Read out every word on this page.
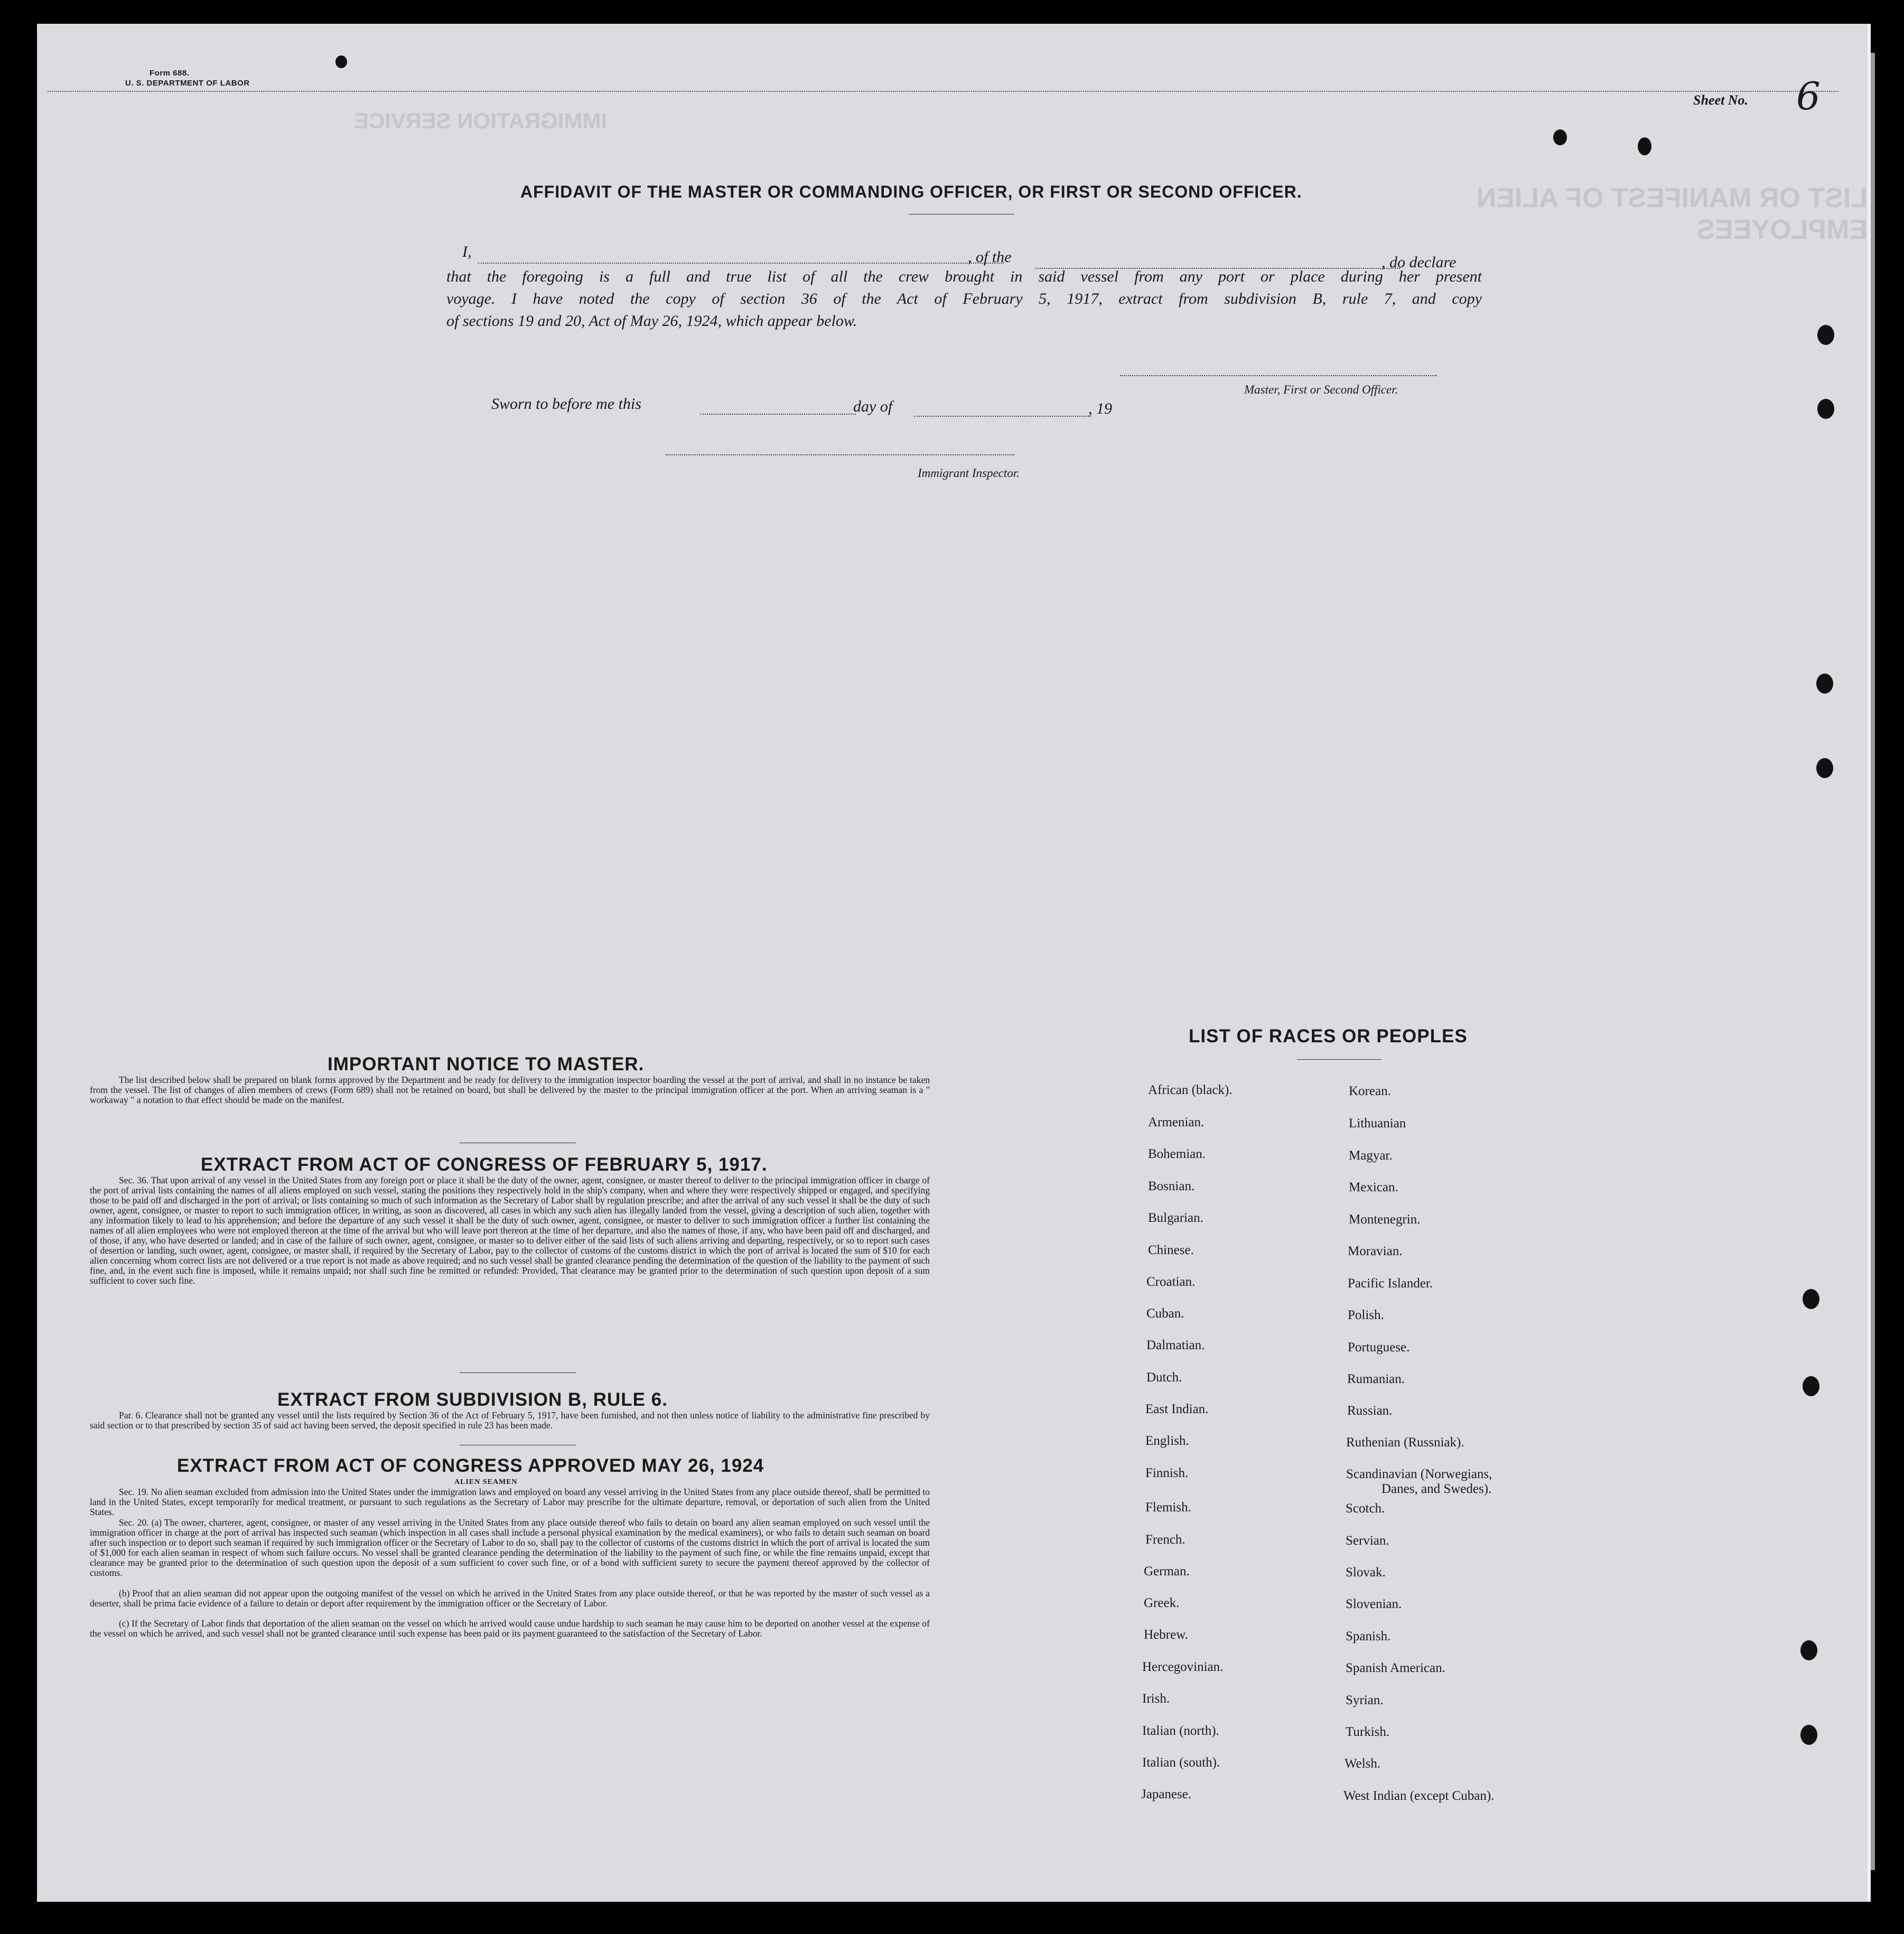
IMMIGRATION SERVICE
LIST OR MANIFEST OF ALIEN EMPLOYEES
Form 688.
U. S. DEPARTMENT OF LABOR
Sheet No. 6
AFFIDAVIT OF THE MASTER OR COMMANDING OFFICER, OR FIRST OR SECOND OFFICER.
I,	, of the	, do declare
that the foregoing is a full and true list of all the crew brought in said vessel from any port or place during her present
voyage. I have noted the copy of section 36 of the Act of February 5, 1917, extract from subdivision B, rule 7, and copy
of sections 19 and 20, Act of May 26, 1924, which appear below.
Master, First or Second Officer.
Sworn to before me this	day of	, 19
Immigrant Inspector.
IMPORTANT NOTICE TO MASTER.
The list described below shall be prepared on blank forms approved by the Department and be ready for delivery to the immigration inspector boarding the vessel at the port of arrival, and shall in no instance be taken from the vessel. The list of changes of alien members of crews (Form 689) shall not be retained on board, but shall be delivered by the master to the principal immigration officer at the port. When an arriving seaman is a " workaway " a notation to that effect should be made on the manifest.
EXTRACT FROM ACT OF CONGRESS OF FEBRUARY 5, 1917.
Sec. 36. That upon arrival of any vessel in the United States from any foreign port or place it shall be the duty of the owner, agent, consignee, or master thereof to deliver to the principal immigration officer in charge of the port of arrival lists containing the names of all aliens employed on such vessel, stating the positions they respectively hold in the ship's company, when and where they were respectively shipped or engaged, and specifying those to be paid off and discharged in the port of arrival; or lists containing so much of such information as the Secretary of Labor shall by regulation prescribe; and after the arrival of any such vessel it shall be the duty of such owner, agent, consignee, or master to report to such immigration officer, in writing, as soon as discovered, all cases in which any such alien has illegally landed from the vessel, giving a description of such alien, together with any information likely to lead to his apprehension; and before the departure of any such vessel it shall be the duty of such owner, agent, consignee, or master to deliver to such immigration officer a further list containing the names of all alien employees who were not employed thereon at the time of the arrival but who will leave port thereon at the time of her departure, and also the names of those, if any, who have been paid off and discharged, and of those, if any, who have deserted or landed; and in case of the failure of such owner, agent, consignee, or master so to deliver either of the said lists of such aliens arriving and departing, respectively, or so to report such cases of desertion or landing, such owner, agent, consignee, or master shall, if required by the Secretary of Labor, pay to the collector of customs of the customs district in which the port of arrival is located the sum of $10 for each alien concerning whom correct lists are not delivered or a true report is not made as above required; and no such vessel shall be granted clearance pending the determination of the question of the liability to the payment of such fine, and, in the event such fine is imposed, while it remains unpaid; nor shall such fine be remitted or refunded: Provided, That clearance may be granted prior to the determination of such question upon deposit of a sum sufficient to cover such fine.
EXTRACT FROM SUBDIVISION B, RULE 6.
Par. 6. Clearance shall not be granted any vessel until the lists required by Section 36 of the Act of February 5, 1917, have been furnished, and not then unless notice of liability to the administrative fine prescribed by said section or to that prescribed by section 35 of said act having been served, the deposit specified in rule 23 has been made.
EXTRACT FROM ACT OF CONGRESS APPROVED MAY 26, 1924
ALIEN SEAMEN
Sec. 19. No alien seaman excluded from admission into the United States under the immigration laws and employed on board any vessel arriving in the United States from any place outside thereof, shall be permitted to land in the United States, except temporarily for medical treatment, or pursuant to such regulations as the Secretary of Labor may prescribe for the ultimate departure, removal, or deportation of such alien from the United States.
Sec. 20. (a) The owner, charterer, agent, consignee, or master of any vessel arriving in the United States from any place outside thereof who fails to detain on board any alien seaman employed on such vessel until the immigration officer in charge at the port of arrival has inspected such seaman (which inspection in all cases shall include a personal physical examination by the medical examiners), or who fails to detain such seaman on board after such inspection or to deport such seaman if required by such immigration officer or the Secretary of Labor to do so, shall pay to the collector of customs of the customs district in which the port of arrival is located the sum of $1,000 for each alien seaman in respect of whom such failure occurs. No vessel shall be granted clearance pending the determination of the liability to the payment of such fine, or while the fine remains unpaid, except that clearance may be granted prior to the determination of such question upon the deposit of a sum sufficient to cover such fine, or of a bond with sufficient surety to secure the payment thereof approved by the collector of customs.
(b) Proof that an alien seaman did not appear upon the outgoing manifest of the vessel on which he arrived in the United States from any place outside thereof, or that he was reported by the master of such vessel as a deserter, shall be prima facie evidence of a failure to detain or deport after requirement by the immigration officer or the Secretary of Labor.
(c) If the Secretary of Labor finds that deportation of the alien seaman on the vessel on which he arrived would cause undue hardship to such seaman he may cause him to be deported on another vessel at the expense of the vessel on which he arrived, and such vessel shall not be granted clearance until such expense has been paid or its payment guaranteed to the satisfaction of the Secretary of Labor.
LIST OF RACES OR PEOPLES
African (black).
Armenian.
Bohemian.
Bosnian.
Bulgarian.
Chinese.
Croatian.
Cuban.
Dalmatian.
Dutch.
East Indian.
English.
Finnish.
Flemish.
French.
German.
Greek.
Hebrew.
Hercegovinian.
Irish.
Italian (north).
Italian (south).
Japanese.
Korean.
Lithuanian
Magyar.
Mexican.
Montenegrin.
Moravian.
Pacific Islander.
Polish.
Portuguese.
Rumanian.
Russian.
Ruthenian (Russniak).
Scandinavian (Norwegians,
Danes, and Swedes).
Scotch.
Servian.
Slovak.
Slovenian.
Spanish.
Spanish American.
Syrian.
Turkish.
Welsh.
West Indian (except Cuban).
